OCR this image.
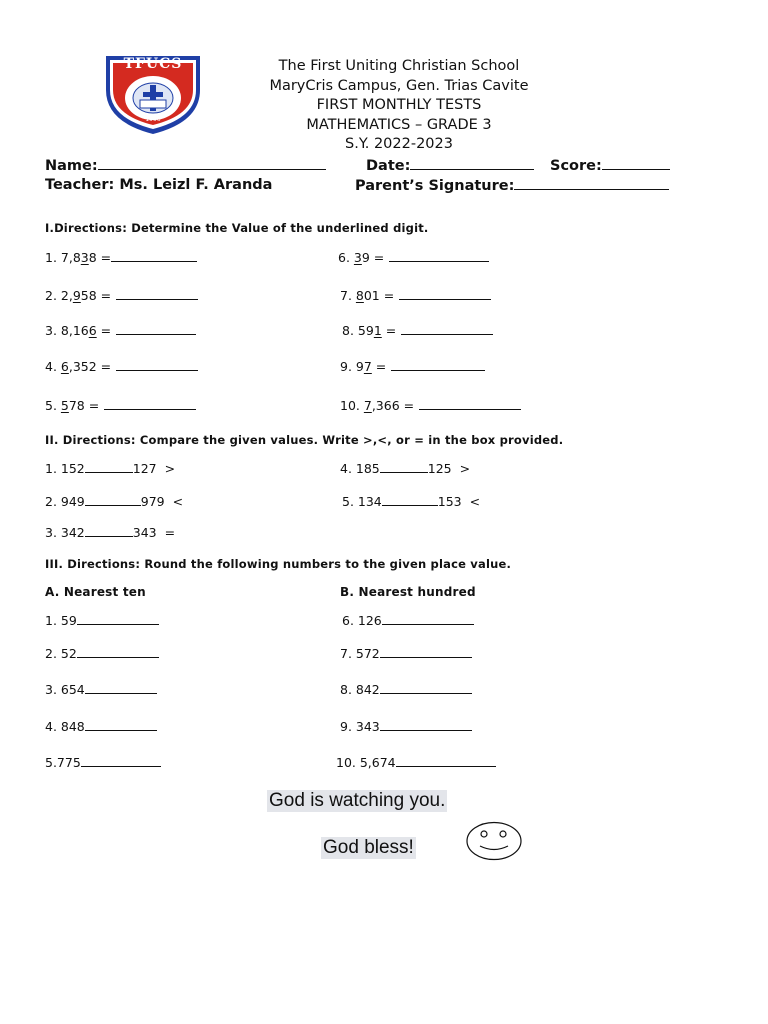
TFUCS
1996
The First Uniting Christian School
MaryCris Campus, Gen. Trias Cavite
FIRST MONTHLY TESTS
MATHEMATICS – GRADE 3
S.Y. 2022-2023
Name:	Date:	Score:
Teacher: Ms. Leizl F. Aranda	Parent’s Signature:
I.Directions: Determine the Value of the underlined digit.
1. 7,838 =
2. 2,958 =
3. 8,166 =
4. 6,352 =
5. 578 =
6. 39 =
7. 801 =
8. 591 =
9. 97 =
10. 7,366 =
II. Directions: Compare the given values. Write >,<, or = in the box provided.
1. 152	127 >	4. 185	125 >
2. 949	979 <	5. 134	153 <
3. 342	343 =
III. Directions: Round the following numbers to the given place value.
A. Nearest ten	B. Nearest hundred
1. 59
2. 52
3. 654
4. 848
5.775
6. 126
7. 572
8. 842
9. 343
10. 5,674
God is watching you.
God bless!
